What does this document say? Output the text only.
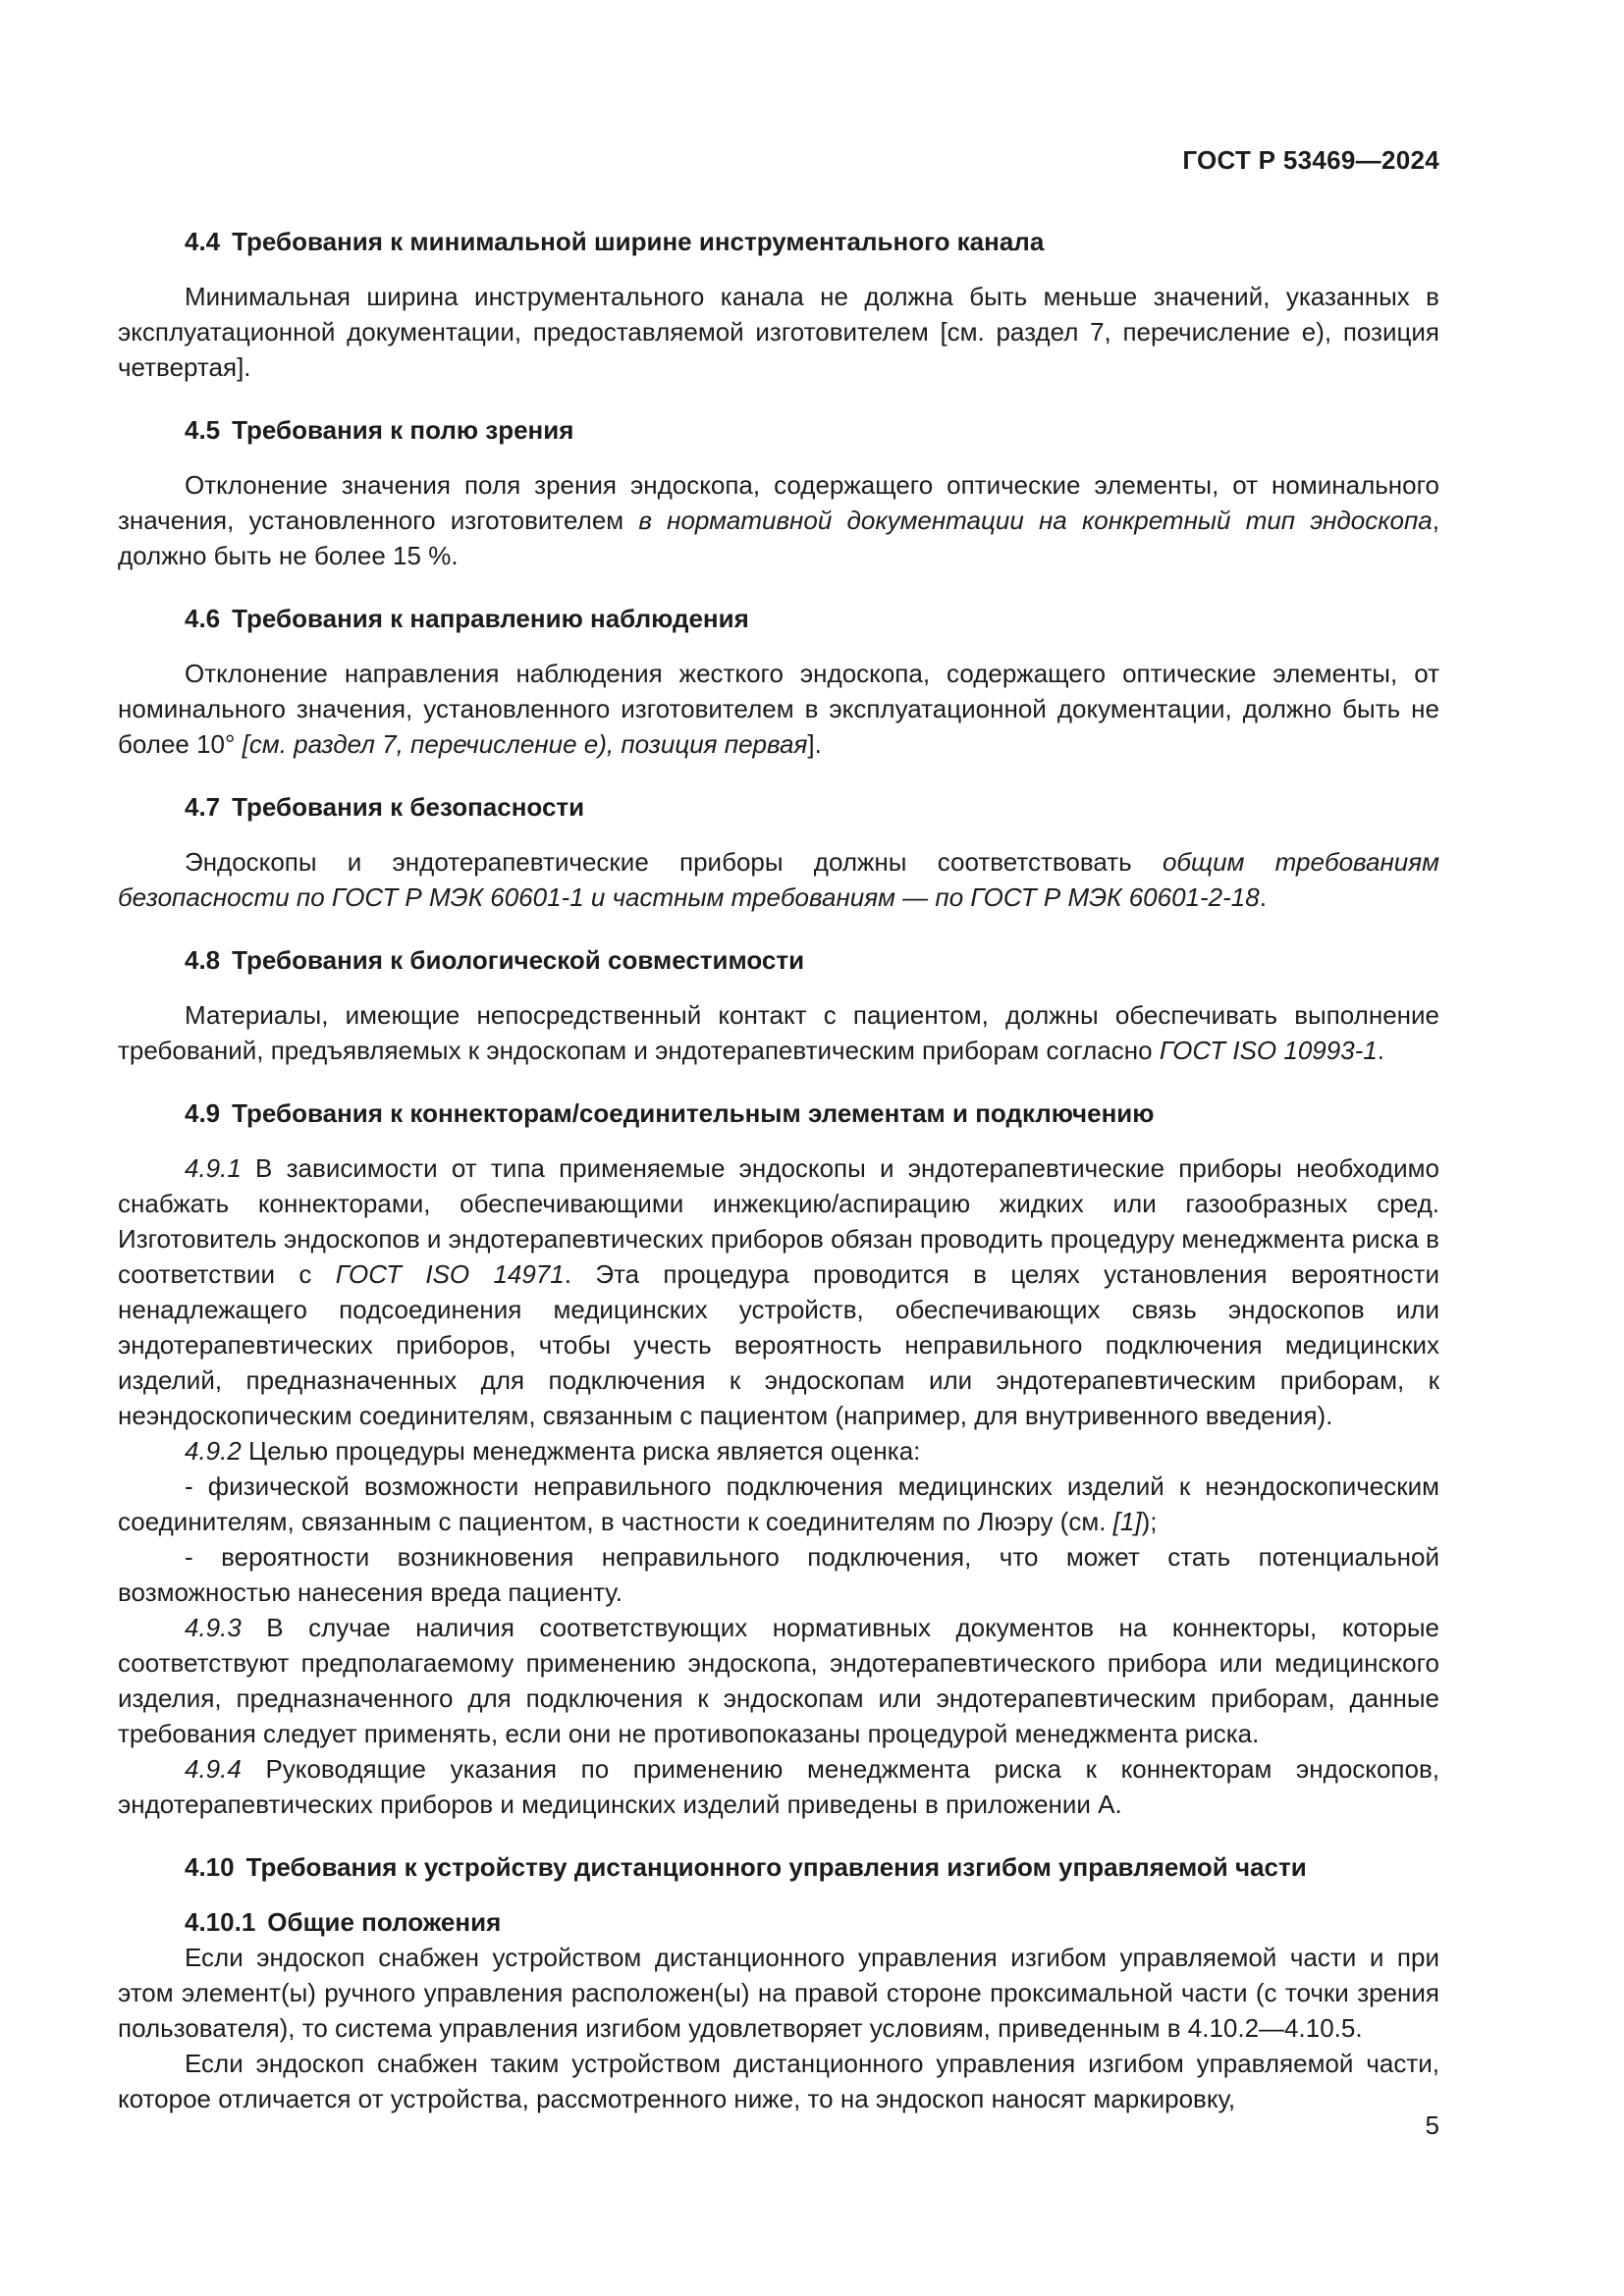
ГОСТ Р 53469—2024
4.4 Требования к минимальной ширине инструментального канала

Минимальная ширина инструментального канала не должна быть меньше значений, указанных в эксплуатационной документации, предоставляемой изготовителем [см. раздел 7, перечисление е), позиция четвертая].

4.5 Требования к полю зрения

Отклонение значения поля зрения эндоскопа, содержащего оптические элементы, от номинального значения, установленного изготовителем в нормативной документации на конкретный тип эндоскопа, должно быть не более 15 %.

4.6 Требования к направлению наблюдения

Отклонение направления наблюдения жесткого эндоскопа, содержащего оптические элементы, от номинального значения, установленного изготовителем в эксплуатационной документации, должно быть не более 10° [см. раздел 7, перечисление е), позиция первая].

4.7 Требования к безопасности

Эндоскопы и эндотерапевтические приборы должны соответствовать общим требованиям безопасности по ГОСТ Р МЭК 60601-1 и частным требованиям — по ГОСТ Р МЭК 60601-2-18.

4.8 Требования к биологической совместимости

Материалы, имеющие непосредственный контакт с пациентом, должны обеспечивать выполнение требований, предъявляемых к эндоскопам и эндотерапевтическим приборам согласно ГОСТ ISO 10993-1.

4.9 Требования к коннекторам/соединительным элементам и подключению

4.9.1 В зависимости от типа применяемые эндоскопы и эндотерапевтические приборы необходимо снабжать коннекторами, обеспечивающими инжекцию/аспирацию жидких или газообразных сред. Изготовитель эндоскопов и эндотерапевтических приборов обязан проводить процедуру менеджмента риска в соответствии с ГОСТ ISO 14971. Эта процедура проводится в целях установления вероятности ненадлежащего подсоединения медицинских устройств, обеспечивающих связь эндоскопов или эндотерапевтических приборов, чтобы учесть вероятность неправильного подключения медицинских изделий, предназначенных для подключения к эндоскопам или эндотерапевтическим приборам, к неэндоскопическим соединителям, связанным с пациентом (например, для внутривенного введения).

4.9.2 Целью процедуры менеджмента риска является оценка:

- физической возможности неправильного подключения медицинских изделий к неэндоскопическим соединителям, связанным с пациентом, в частности к соединителям по Люэру (см. [1]);

- вероятности возникновения неправильного подключения, что может стать потенциальной возможностью нанесения вреда пациенту.

4.9.3 В случае наличия соответствующих нормативных документов на коннекторы, которые соответствуют предполагаемому применению эндоскопа, эндотерапевтического прибора или медицинского изделия, предназначенного для подключения к эндоскопам или эндотерапевтическим приборам, данные требования следует применять, если они не противопоказаны процедурой менеджмента риска.

4.9.4 Руководящие указания по применению менеджмента риска к коннекторам эндоскопов, эндотерапевтических приборов и медицинских изделий приведены в приложении А.

4.10 Требования к устройству дистанционного управления изгибом управляемой части
4.10.1 Общие положения

Если эндоскоп снабжен устройством дистанционного управления изгибом управляемой части и при этом элемент(ы) ручного управления расположен(ы) на правой стороне проксимальной части (с точки зрения пользователя), то система управления изгибом удовлетворяет условиям, приведенным в 4.10.2—4.10.5.

Если эндоскоп снабжен таким устройством дистанционного управления изгибом управляемой части, которое отличается от устройства, рассмотренного ниже, то на эндоскоп наносят маркировку,

5
